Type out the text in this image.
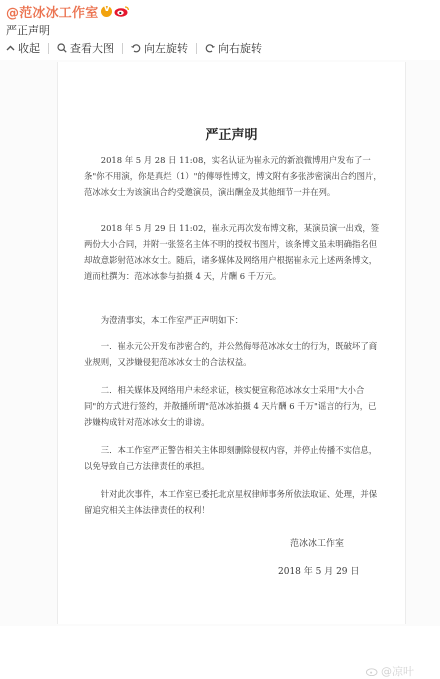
@范冰冰工作室
V
严正声明
收起	查看大图	向左旋转	向右旋转
严正声明

　　2018 年 5 月 28 日 11:08，实名认证为崔永元的新浪微博用户发布了一条"你不用演，你是真烂（1）"的傳辱性博文，博文附有多张涉密演出合约图片，范冰冰女士为该演出合约受邀演员，演出酬金及其他细节一并在列。

　　2018 年 5 月 29 日 11:02，崔永元再次发布博文称，某演员演一出戏，签两份大小合同，并附一张签名主体不明的授权书图片，该条博文虽未明确指名但却故意影射范冰冰女士。随后，诸多媒体及网络用户根据崔永元上述两条博文，道而杜撰为：范冰冰参与拍摄 4 天，片酬 6 千万元。

　　为澄清事实，本工作室严正声明如下：

　　一．崔永元公开发布涉密合约，并公然侮辱范冰冰女士的行为，既破坏了商业规则，又涉嫌侵犯范冰冰女士的合法权益。

　　二．相关媒体及网络用户未经求证，核实便宣称范冰冰女士采用"大小合同"的方式进行签约，并散播所谓"范冰冰拍摄 4 天片酬 6 千万"谣言的行为，已涉嫌构成针对范冰冰女士的诽谤。

　　三．本工作室严正警告相关主体即刻删除侵权内容，并停止传播不实信息，以免导致自己方法律责任的承担。

　　针对此次事件，本工作室已委托北京星权律师事务所依法取证、处理，并保留追究相关主体法律责任的权利！

范冰冰工作室
2018 年 5 月 29 日
@凉叶
